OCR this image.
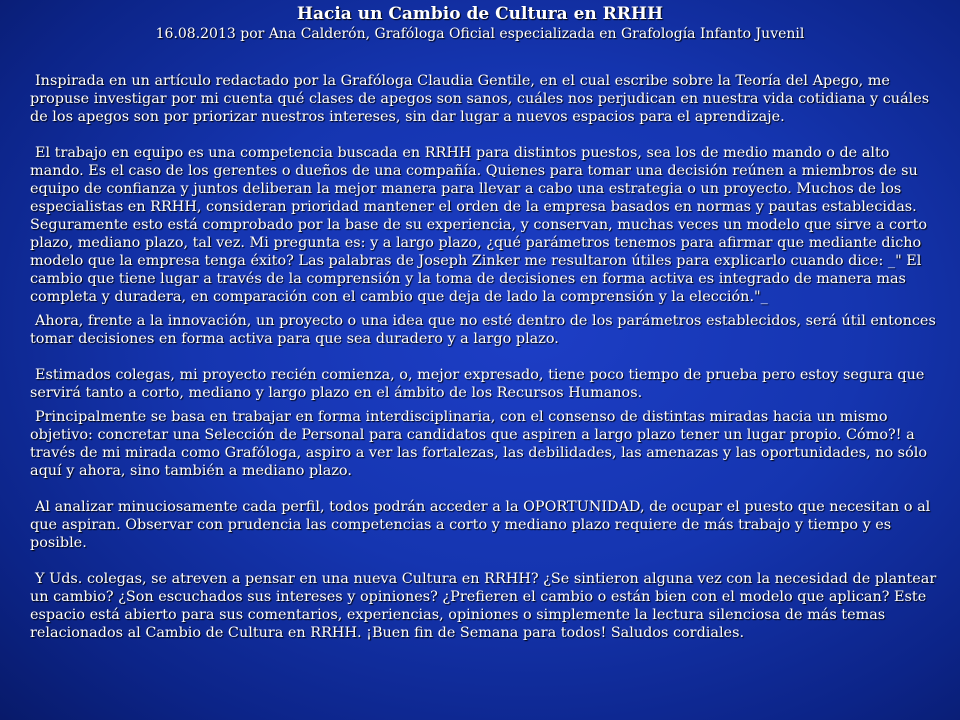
Hacia un Cambio de Cultura en RRHH

16.08.2013 por Ana Calderón, Grafóloga Oficial especializada en Grafología Infanto Juvenil

Inspirada en un artículo redactado por la Grafóloga Claudia Gentile, en el cual escribe sobre la Teoría del Apego, me propuse investigar por mi cuenta qué clases de apegos son sanos, cuáles nos perjudican en nuestra vida cotidiana y cuáles de los apegos son por priorizar nuestros intereses, sin dar lugar a nuevos espacios para el aprendizaje.

El trabajo en equipo es una competencia buscada en RRHH para distintos puestos, sea los de medio mando o de alto mando. Es el caso de los gerentes o dueños de una compañía. Quienes para tomar una decisión reúnen a miembros de su equipo de confianza y juntos deliberan la mejor manera para llevar a cabo una estrategia o un proyecto. Muchos de los especialistas en RRHH, consideran prioridad mantener el orden de la empresa basados en normas y pautas establecidas. Seguramente esto está comprobado por la base de su experiencia, y conservan, muchas veces un modelo que sirve a corto plazo, mediano plazo, tal vez. Mi pregunta es: y a largo plazo, ¿qué parámetros tenemos para afirmar que mediante dicho modelo que la empresa tenga éxito? Las palabras de Joseph Zinker me resultaron útiles para explicarlo cuando dice: _" El cambio que tiene lugar a través de la comprensión y la toma de decisiones en forma activa es integrado de manera mas completa y duradera, en comparación con el cambio que deja de lado la comprensión y la elección."_

Ahora, frente a la innovación, un proyecto o una idea que no esté dentro de los parámetros establecidos, será útil entonces tomar decisiones en forma activa para que sea duradero y a largo plazo.

Estimados colegas, mi proyecto recién comienza, o, mejor expresado, tiene poco tiempo de prueba pero estoy segura que servirá tanto a corto, mediano y largo plazo en el ámbito de los Recursos Humanos.

Principalmente se basa en trabajar en forma interdisciplinaria, con el consenso de distintas miradas hacia un mismo objetivo: concretar una Selección de Personal para candidatos que aspiren a largo plazo tener un lugar propio. Cómo?! a través de mi mirada como Grafóloga, aspiro a ver las fortalezas, las debilidades, las amenazas y las oportunidades, no sólo aquí y ahora, sino también a mediano plazo.

Al analizar minuciosamente cada perfil, todos podrán acceder a la OPORTUNIDAD, de ocupar el puesto que necesitan o al que aspiran. Observar con prudencia las competencias a corto y mediano plazo requiere de más trabajo y tiempo y es posible.

Y Uds. colegas, se atreven a pensar en una nueva Cultura en RRHH? ¿Se sintieron alguna vez con la necesidad de plantear un cambio? ¿Son escuchados sus intereses y opiniones? ¿Prefieren el cambio o están bien con el modelo que aplican? Este espacio está abierto para sus comentarios, experiencias, opiniones o simplemente la lectura silenciosa de más temas relacionados al Cambio de Cultura en RRHH. ¡Buen fin de Semana para todos! Saludos cordiales.
